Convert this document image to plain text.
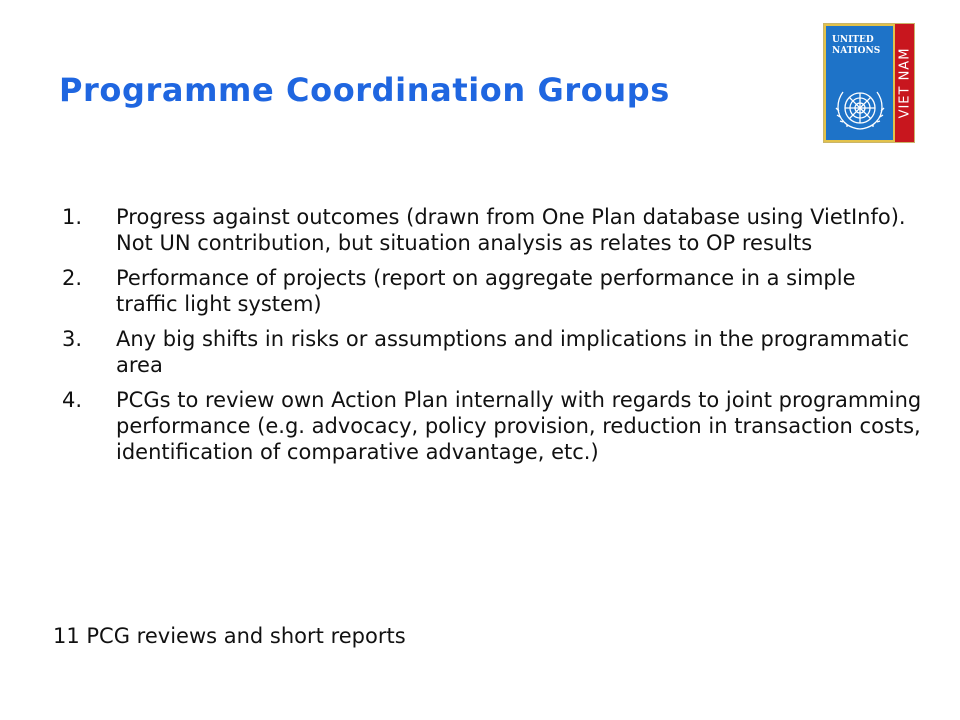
Programme Coordination Groups
UNITED
NATIONS VIET NAM
1.	Progress against outcomes (drawn from One Plan database using VietInfo). Not UN contribution, but situation analysis as relates to OP results
2.	Performance of projects (report on aggregate performance in a simple traffic light system)
3.	Any big shifts in risks or assumptions and implications in the programmatic area
4.	PCGs to review own Action Plan internally with regards to joint programming performance (e.g. advocacy, policy provision, reduction in transaction costs, identification of comparative advantage, etc.)

11 PCG reviews and short reports
